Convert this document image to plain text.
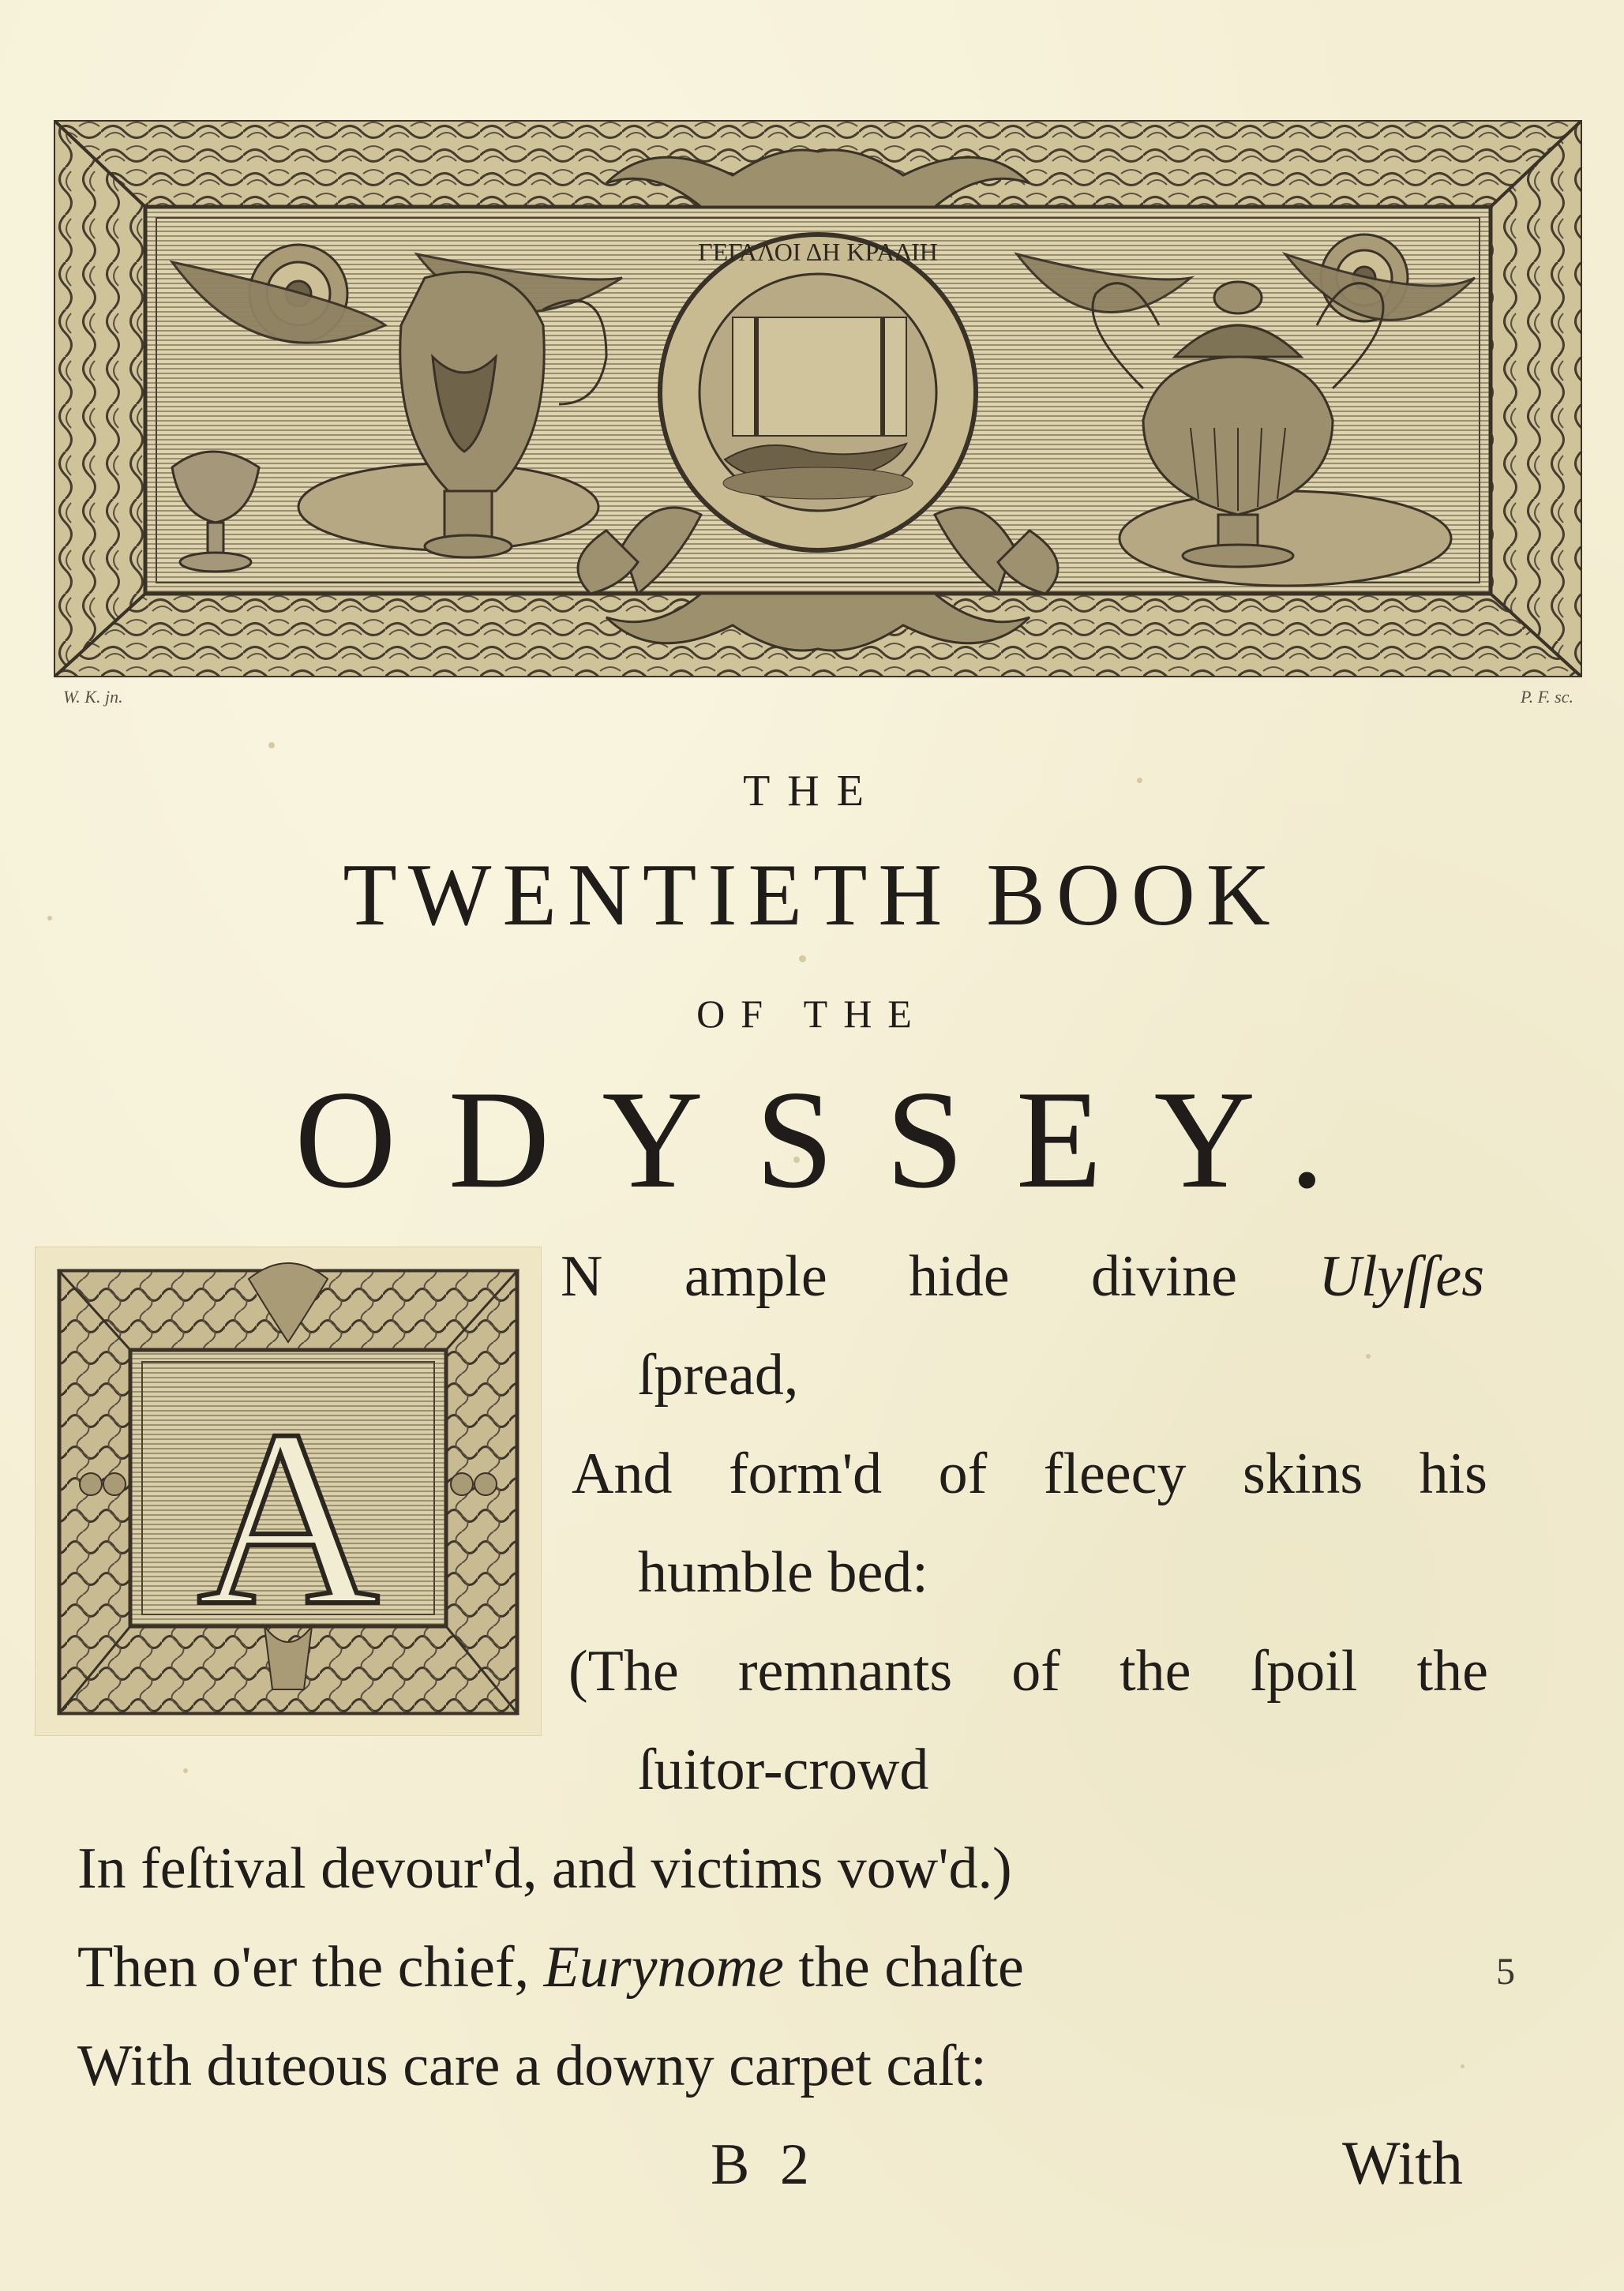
ΓΕΓΑΛΟΙ ΔΗ ΚΡΑΔΙΗ
W. K. jn.	P. F. sc.
THE
TWENTIETH BOOK
OF THE
ODYSSEY.
A
N ample hide divine Ulyſſes
ſpread,
And form'd of fleecy skins his
humble bed:
(The remnants of the ſpoil the
ſuitor-crowd
In feſtival devour'd, and victims vow'd.)
Then o'er the chief, Eurynome the chaſte
With duteous care a downy carpet caſt:
5
B 2	With
